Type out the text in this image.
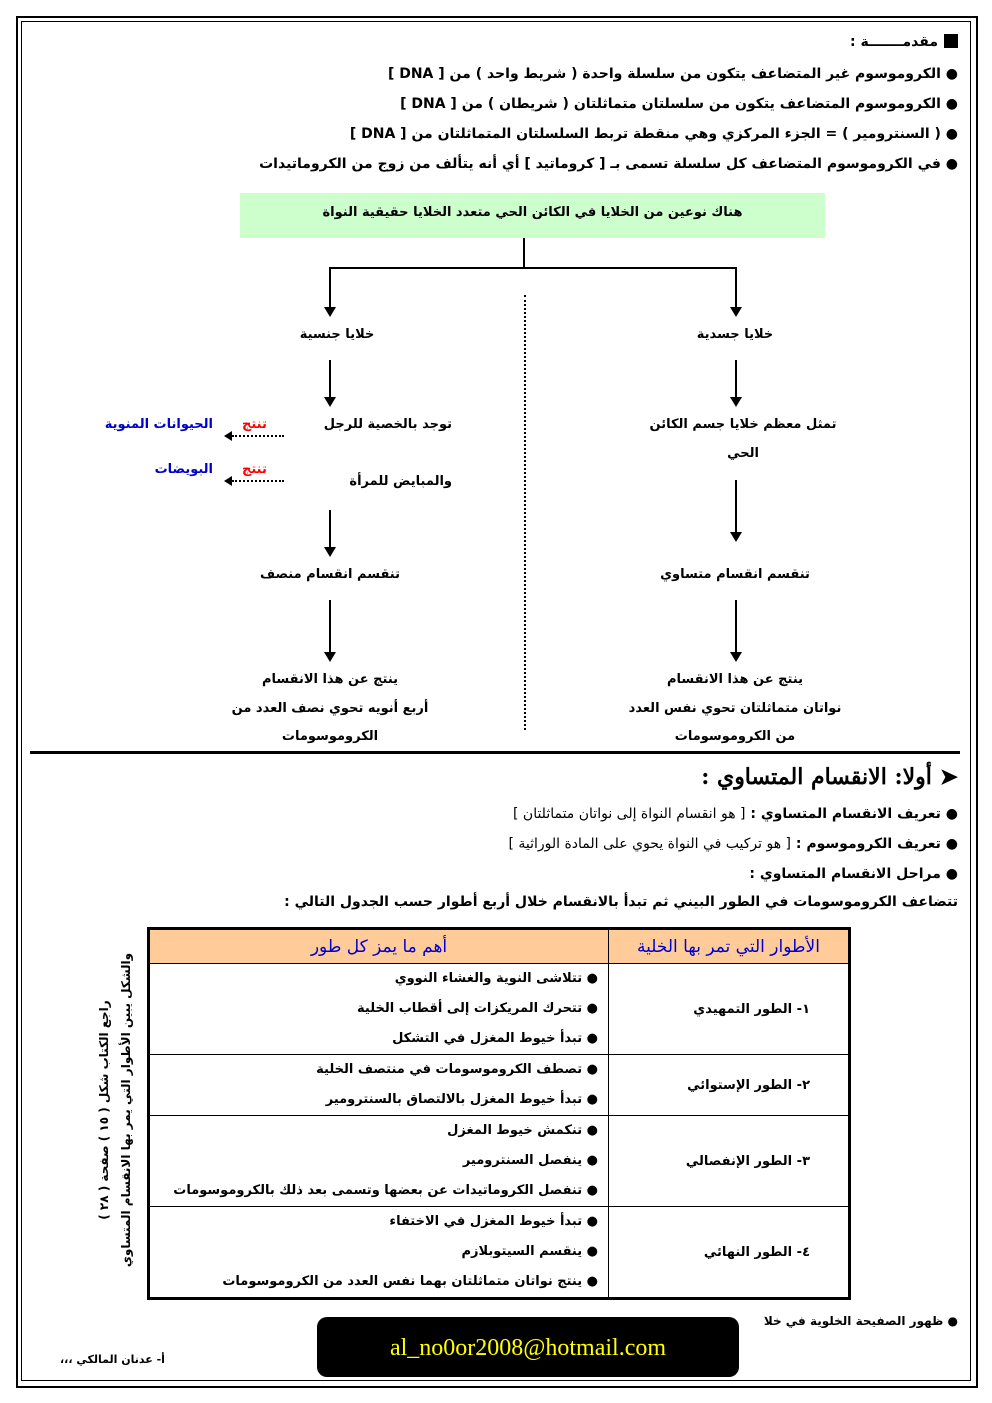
مقدمـــــــة :
● الكروموسوم غير المتضاعف يتكون من سلسلة واحدة ( شريط واحد ) من [ DNA ]
● الكروموسوم المتضاعف يتكون من سلسلتان متماثلتان ( شريطان ) من [ DNA ]
● ( السنترومير ) = الجزء المركزي وهي منقطة تربط السلسلتان المتماثلتان من [ DNA ]
● في الكروموسوم المتضاعف كل سلسلة تسمى بـ [ كروماتيد ] أي أنه يتألف من زوج من الكروماتيدات
هناك نوعين من الخلايا في الكائن الحي متعدد الخلايا حقيقية النواة
خلايا جسدية
تمثل معظم خلايا جسم الكائن
الحي
تنقسم انقسام متساوي
ينتج عن هذا الانقسام
نواتان متماثلتان تحوي نفس العدد
من الكروموسومات
خلايا جنسية
توجد بالخصية للرجل
والمبايض للمرأة
تنتج
تنتج
الحيوانات المنوية
البويضات
تنقسم انقسام منصف
ينتج عن هذا الانقسام
أربع أنويه تحوي نصف العدد من
الكروموسومات
➤ أولا: الانقسام المتساوي :
● تعريف الانقسام المتساوي : [ هو انقسام النواة إلى نواتان متماثلتان ]
● تعريف الكروموسوم : [ هو تركيب في النواة يحوي على المادة الوراثية ]
● مراحل الانقسام المتساوي :
تتضاعف الكروموسومات في الطور البيني ثم تبدأ بالانقسام خلال أربع أطوار حسب الجدول التالي :
الأطوار التي تمر بها الخلية	أهم ما يمز كل طور
١- الطور التمهيدي	● تتلاشى النوية والغشاء النووي
● تتحرك المريكزات إلى أقطاب الخلية
● تبدأ خيوط المغزل في التشكل

٢- الطور الإستوائي	● تصطف الكروموسومات في منتصف الخلية
● تبدأ خيوط المغزل بالالتصاق بالسنترومير

٣- الطور الإنفصالي	● تنكمش خيوط المغزل
● ينفصل السنترومير
● تنفصل الكروماتيدات عن بعضها وتسمى بعد ذلك بالكروموسومات

٤- الطور النهائي	● تبدأ خيوط المغزل في الاختفاء
● ينقسم السيتوبلازم
● ينتج نواتان متماثلتان بهما نفس العدد من الكروموسومات
راجع الكتاب شكل ( ١٥ ) صفحة ( ٢٨ ) والشكل يبين الأطوار التي يمر بها الانقسام المتساوي
● ظهور الصفيحة الخلوية في خلا
al_no0or2008@hotmail.com
أ- عدنان المالكي ،،،
